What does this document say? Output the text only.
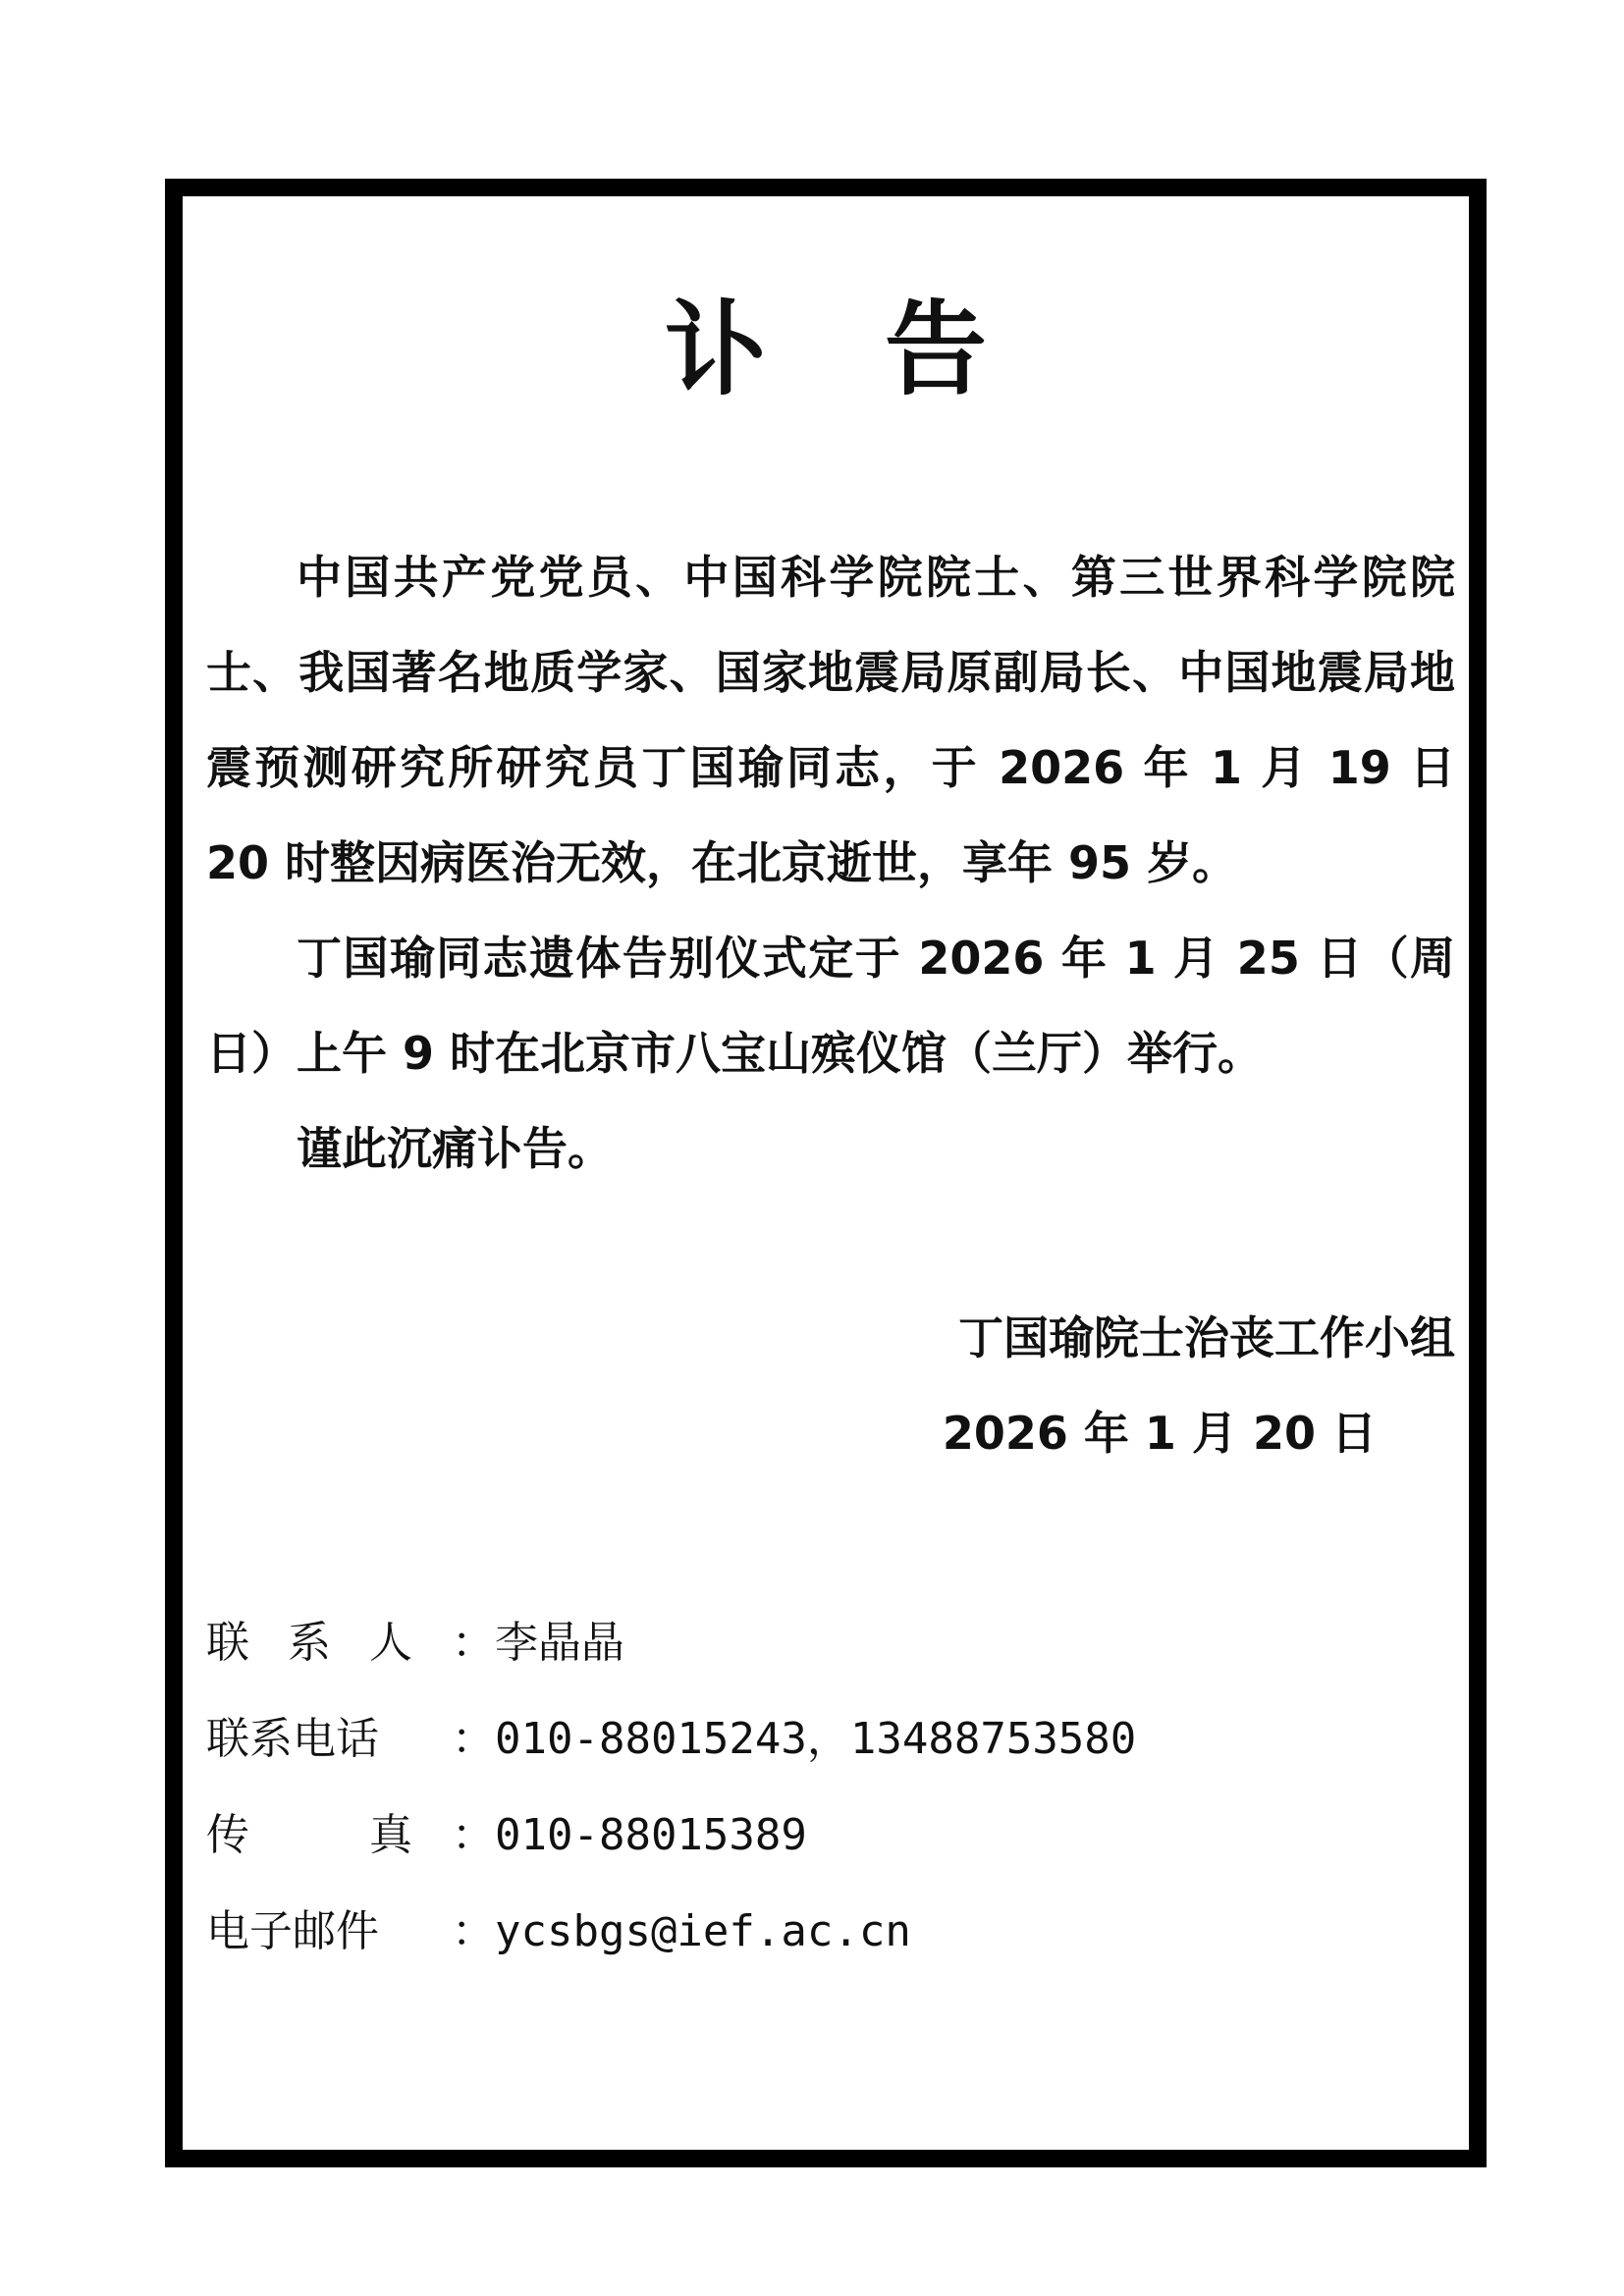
讣告

中国共产党党员、中国科学院院士、第三世界科学院院士、我国著名地质学家、国家地震局原副局长、中国地震局地震预测研究所研究员丁国瑜同志，于 2026 年 1 月 19 日 20 时整因病医治无效，在北京逝世，享年 95 岁。

丁国瑜同志遗体告别仪式定于 2026 年 1 月 25 日（周日）上午 9 时在北京市八宝山殡仪馆（兰厅）举行。

谨此沉痛讣告。

丁国瑜院士治丧工作小组
2026 年 1 月 20 日
联 系 人 ：李晶晶
联系电话 ：010-88015243，13488753580
传	真 ：010-88015389
电子邮件 ：ycsbgs@ief.ac.cn
